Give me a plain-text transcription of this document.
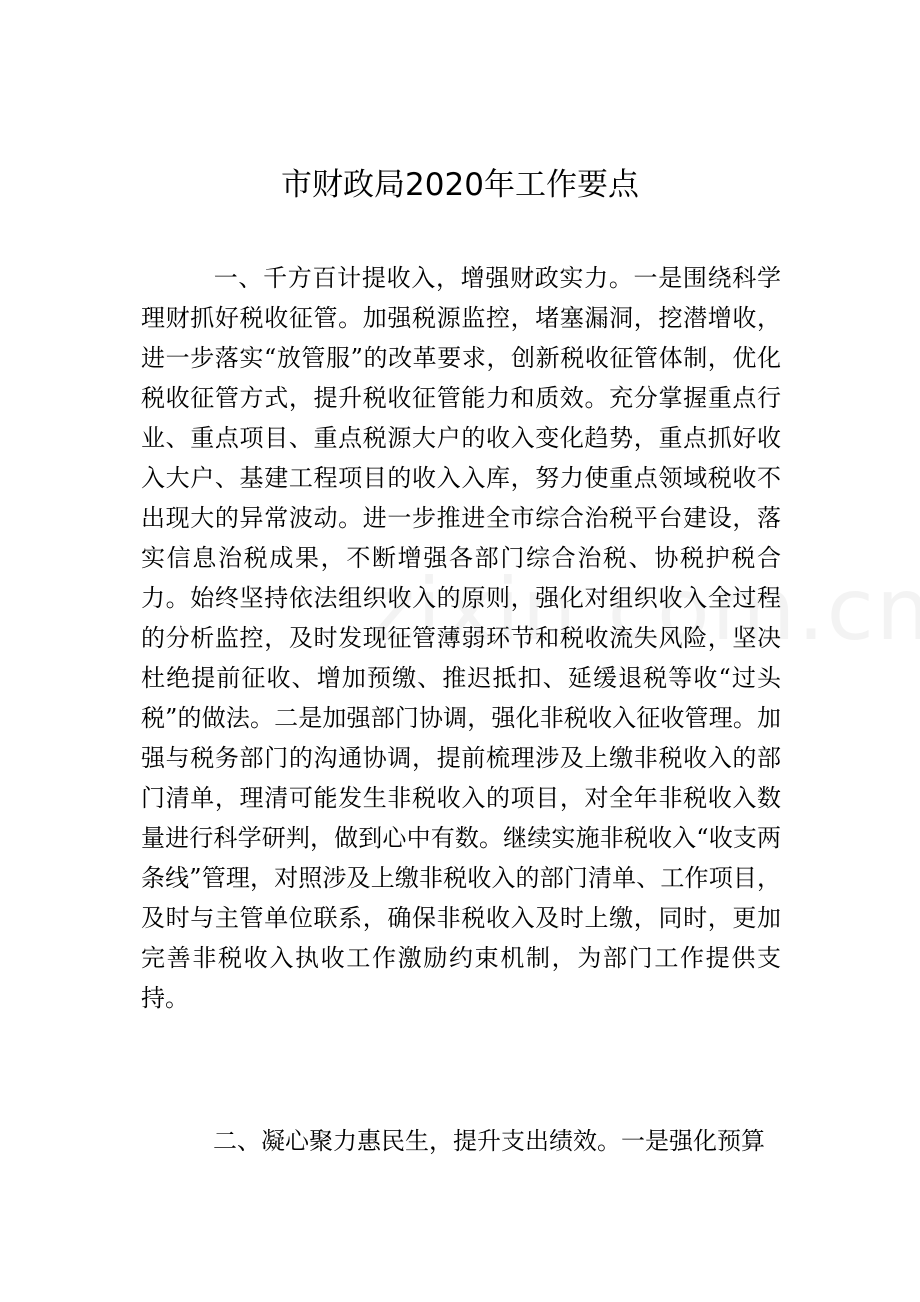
市财政局2020年工作要点

一、千方百计提收入，增强财政实力。一是围绕科学理财抓好税收征管。加强税源监控，堵塞漏洞，挖潜增收，进一步落实“放管服”的改革要求，创新税收征管体制，优化税收征管方式，提升税收征管能力和质效。充分掌握重点行业、重点项目、重点税源大户的收入变化趋势，重点抓好收入大户、基建工程项目的收入入库，努力使重点领域税收不出现大的异常波动。进一步推进全市综合治税平台建设，落实信息治税成果，不断增强各部门综合治税、协税护税合力。始终坚持依法组织收入的原则，强化对组织收入全过程的分析监控，及时发现征管薄弱环节和税收流失风险，坚决杜绝提前征收、增加预缴、推迟抵扣、延缓退税等收“过头税”的做法。二是加强部门协调，强化非税收入征收管理。加强与税务部门的沟通协调，提前梳理涉及上缴非税收入的部门清单，理清可能发生非税收入的项目，对全年非税收入数量进行科学研判，做到心中有数。继续实施非税收入“收支两条线”管理，对照涉及上缴非税收入的部门清单、工作项目，及时与主管单位联系，确保非税收入及时上缴，同时，更加完善非税收入执收工作激励约束机制，为部门工作提供支持。

二、凝心聚力惠民生，提升支出绩效。一是强化预算
